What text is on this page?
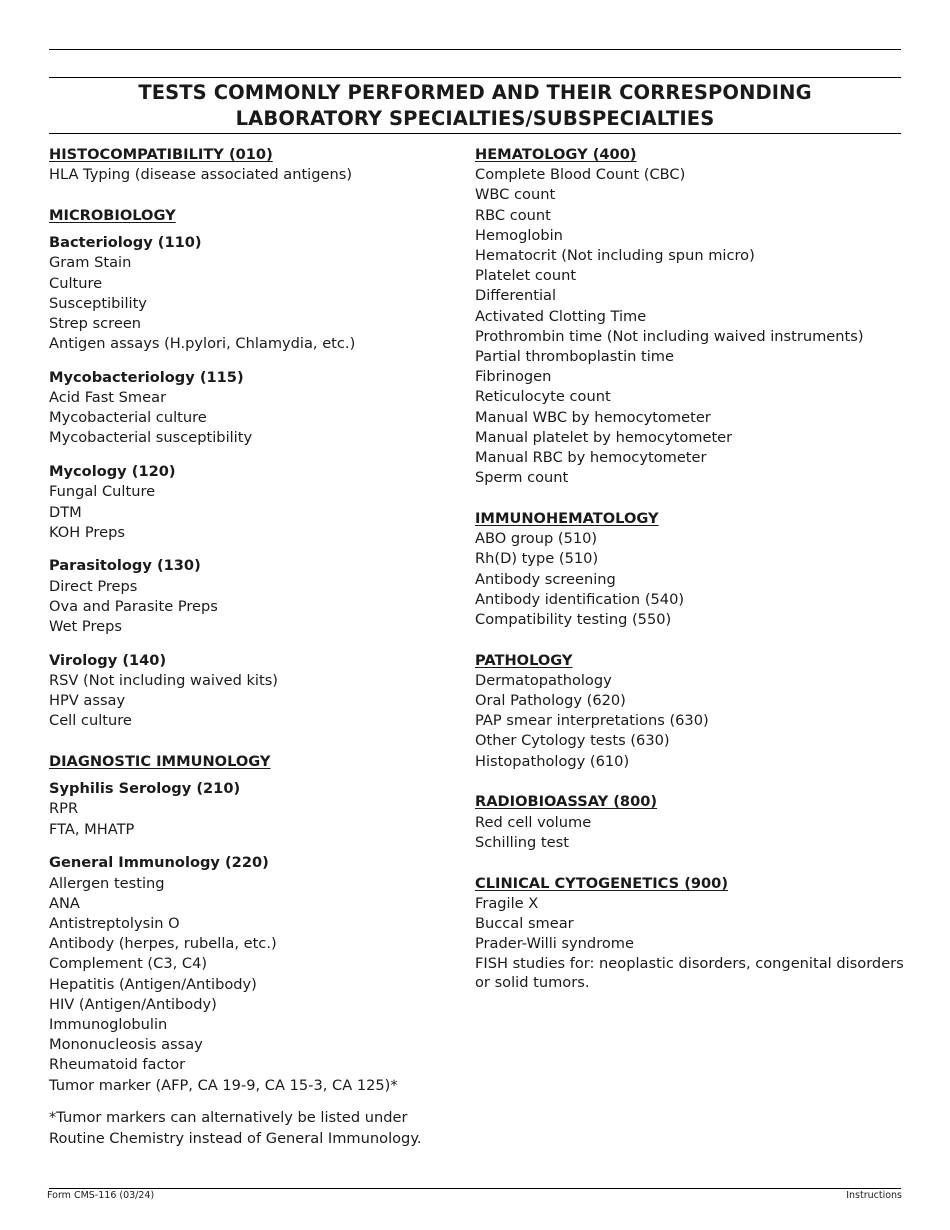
TESTS COMMONLY PERFORMED AND THEIR CORRESPONDING
LABORATORY SPECIALTIES/SUBSPECIALTIES
HISTOCOMPATIBILITY (010)
HLA Typing (disease associated antigens)
MICROBIOLOGY
Bacteriology (110)
Gram Stain
Culture
Susceptibility
Strep screen
Antigen assays (H.pylori, Chlamydia, etc.)
Mycobacteriology (115)
Acid Fast Smear
Mycobacterial culture
Mycobacterial susceptibility
Mycology (120)
Fungal Culture
DTM
KOH Preps
Parasitology (130)
Direct Preps
Ova and Parasite Preps
Wet Preps
Virology (140)
RSV (Not including waived kits)
HPV assay
Cell culture
DIAGNOSTIC IMMUNOLOGY
Syphilis Serology (210)
RPR
FTA, MHATP
General Immunology (220)
Allergen testing
ANA
Antistreptolysin O
Antibody (herpes, rubella, etc.)
Complement (C3, C4)
Hepatitis (Antigen/Antibody)
HIV (Antigen/Antibody)
Immunoglobulin
Mononucleosis assay
Rheumatoid factor
Tumor marker (AFP, CA 19-9, CA 15-3, CA 125)*
*Tumor markers can alternatively be listed under
Routine Chemistry instead of General Immunology.
HEMATOLOGY (400)
Complete Blood Count (CBC)
WBC count
RBC count
Hemoglobin
Hematocrit (Not including spun micro)
Platelet count
Differential
Activated Clotting Time
Prothrombin time (Not including waived instruments)
Partial thromboplastin time
Fibrinogen
Reticulocyte count
Manual WBC by hemocytometer
Manual platelet by hemocytometer
Manual RBC by hemocytometer
Sperm count
IMMUNOHEMATOLOGY
ABO group (510)
Rh(D) type (510)
Antibody screening
Antibody identification (540)
Compatibility testing (550)
PATHOLOGY
Dermatopathology
Oral Pathology (620)
PAP smear interpretations (630)
Other Cytology tests (630)
Histopathology (610)
RADIOBIOASSAY (800)
Red cell volume
Schilling test
CLINICAL CYTOGENETICS (900)
Fragile X
Buccal smear
Prader-Willi syndrome
FISH studies for: neoplastic disorders, congenital disorders or solid tumors.
Form CMS-116 (03/24)	Instructions
